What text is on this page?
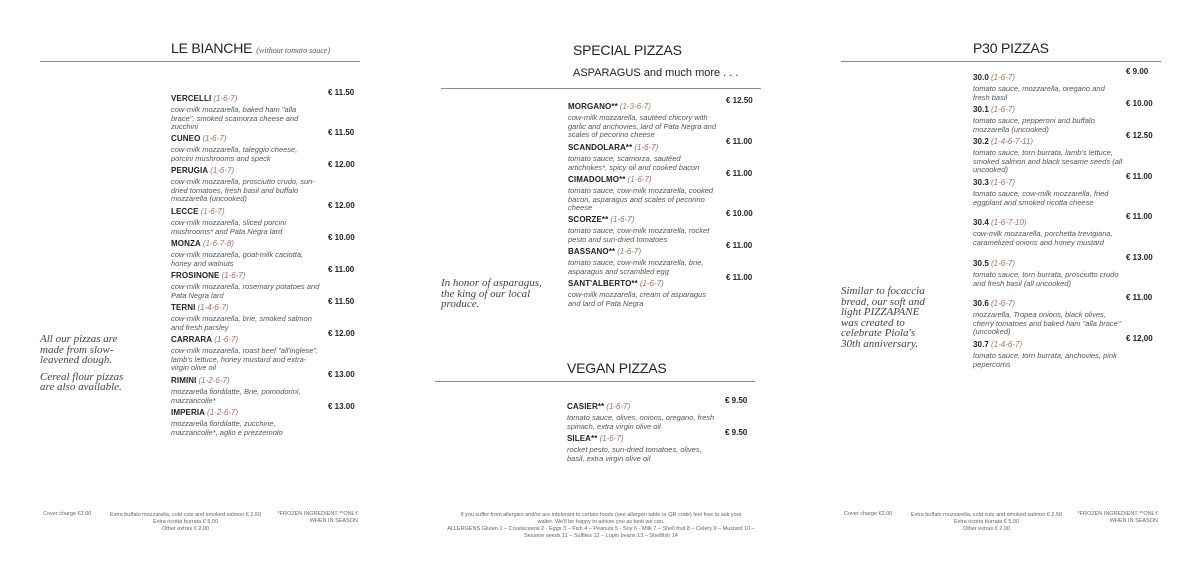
LE BIANCHE (without tomato sauce)
VERCELLI (1-6-7)
cow-milk mozzarella, baked ham "alla brace", smoked scamorza cheese and zucchini
€ 11.50
CUNEO (1-6-7)
cow-milk mozzarella, taleggio cheese, porcini mushrooms and speck
€ 11.50
PERUGIA (1-6-7)
cow-milk mozzarella, prosciutto crudo, sun-dried tomatoes, fresh basil and buffalo mozzarella (uncooked)
€ 12.00
LECCE (1-6-7)
cow-milk mozzarella, sliced porcini mushrooms* and Pata Negra lard
€ 12.00
MONZA (1-6-7-8)
cow-milk mozzarella, goat-milk caciotta, honey and walnuts
€ 10.00
FROSINONE (1-6-7)
cow-milk mozzarella, rosemary potatoes and Pata Negra lard
€ 11.00
TERNI (1-4-6-7)
cow-milk mozzarella, brie, smoked salmon and fresh parsley
€ 11.50
CARRARA (1-6-7)
cow-milk mozzarella, roast beef "all'inglese", lamb's lettuce, honey mustard and extra-virgin olive oil
€ 12.00
RIMINI (1-2-6-7)
mozzarella fiordilatte, Brie, pomodorini, mazzancolle*
€ 13.00
IMPERIA (1-2-6-7)
mozzarella fiordilatte, zucchine, mazzancolle*, aglio e prezzemolo
€ 13.00
All our pizzas are made from slow-leavened dough.
Cereal flour pizzas are also available.
SPECIAL PIZZAS
ASPARAGUS and much more . . .
MORGANO** (1-3-6-7)
cow-milk mozzarella, sautéed chicory with garlic and anchovies, lard of Pata Negra and scales of pecorino cheese
€ 12.50
SCANDOLARA** (1-6-7)
tomato sauce, scamorza, sautéed artichokes*, spicy oil and cooked bacon
€ 11.00
CIMADOLMO** (1-6-7)
tomato sauce, cow-milk mozzarella, cooked bacon, asparagus and scales of pecorino cheese
€ 11.00
SCORZE** (1-6-7)
tomato sauce, cow-milk mozzarella, rocket pesto and sun-dried tomatoes
€ 10.00
BASSANO** (1-6-7)
tomato sauce, cow-milk mozzarella, brie, asparagus and scrambled egg
€ 11.00
SANT'ALBERTO** (1-6-7)
cow-milk mozzarella, cream of asparagus and lard of Pata Negra
€ 11.00
In honor of asparagus, the king of our local produce.
VEGAN PIZZAS
CASIER** (1-6-7)
tomato sauce, olives, onions, oregano, fresh spinach, extra virgin olive oil
€ 9.50
SILEA** (1-6-7)
rocket pesto, sun-dried tomatoes, olives, basil, extra virgin olive oil
€ 9.50
P30 PIZZAS
30.0 (1-6-7)
tomato sauce, mozzarella, oregano and fresh basil
€ 9.00
30.1 (1-6-7)
tomato sauce, pepperoni and buffalo mozzarella (uncooked)
€ 10.00
30.2 (1-4-6-7-11)
tomato sauce, torn burrata, lamb's lettuce, smoked salmon and black sesame seeds (all uncooked)
€ 12.50
30.3 (1-6-7)
tomato sauce, cow-milk mozzarella, fried eggplant and smoked ricotta cheese
€ 11.00
30.4 (1-6-7-10)
cow-milk mozzarella, porchetta trevigiana, caramelized onions and honey mustard
€ 11.00
30.5 (1-6-7)
tomato sauce, torn burrata, prosciutto crudo and fresh basil (all uncooked)
€ 13.00
30.6 (1-6-7)
mozzarella, Tropea onions, black olives, cherry tomatoes and baked ham "alla brace" (uncooked)
€ 11.00
30.7 (1-4-6-7)
tomato sauce, torn burrata, anchovies, pink pepercorns
€ 12,00
Similar to focaccia bread, our soft and light PIZZAPANE was created to celebrate Piola's 30th anniversary.
Cover charge €2.00	Extra buffalo mozzarella, cold cuts and smoked salmon € 2.50
Extra ricotta burrata € 5.00
Other extras € 2.00
*FROZEN INGREDIENT **ONLY
WHEN IN SEASON
If you suffer from allergies and/or are intolerant to certain foods (see allergen table or QR code) feel free to ask your
waiter. We'll be happy to advise you as best we can.
ALLERGENS Gluten 1 – Crustaceans 2 - Eggs 3 – Fish 4 – Peanuts 5 - Soy 6 - Milk 7 – Shell fruit 8 – Celery 9 – Mustard 10 –
Sesame seeds 11 – Sulfites 12 – Lupin beans 13 – Shellfish 14
Cover charge €2.00	Extra buffalo mozzarella, cold cuts and smoked salmon € 2.50
Extra ricotta burrata € 5.00
Other extras € 2.00
*FROZEN INGREDIENT **ONLY
WHEN IN SEASON
